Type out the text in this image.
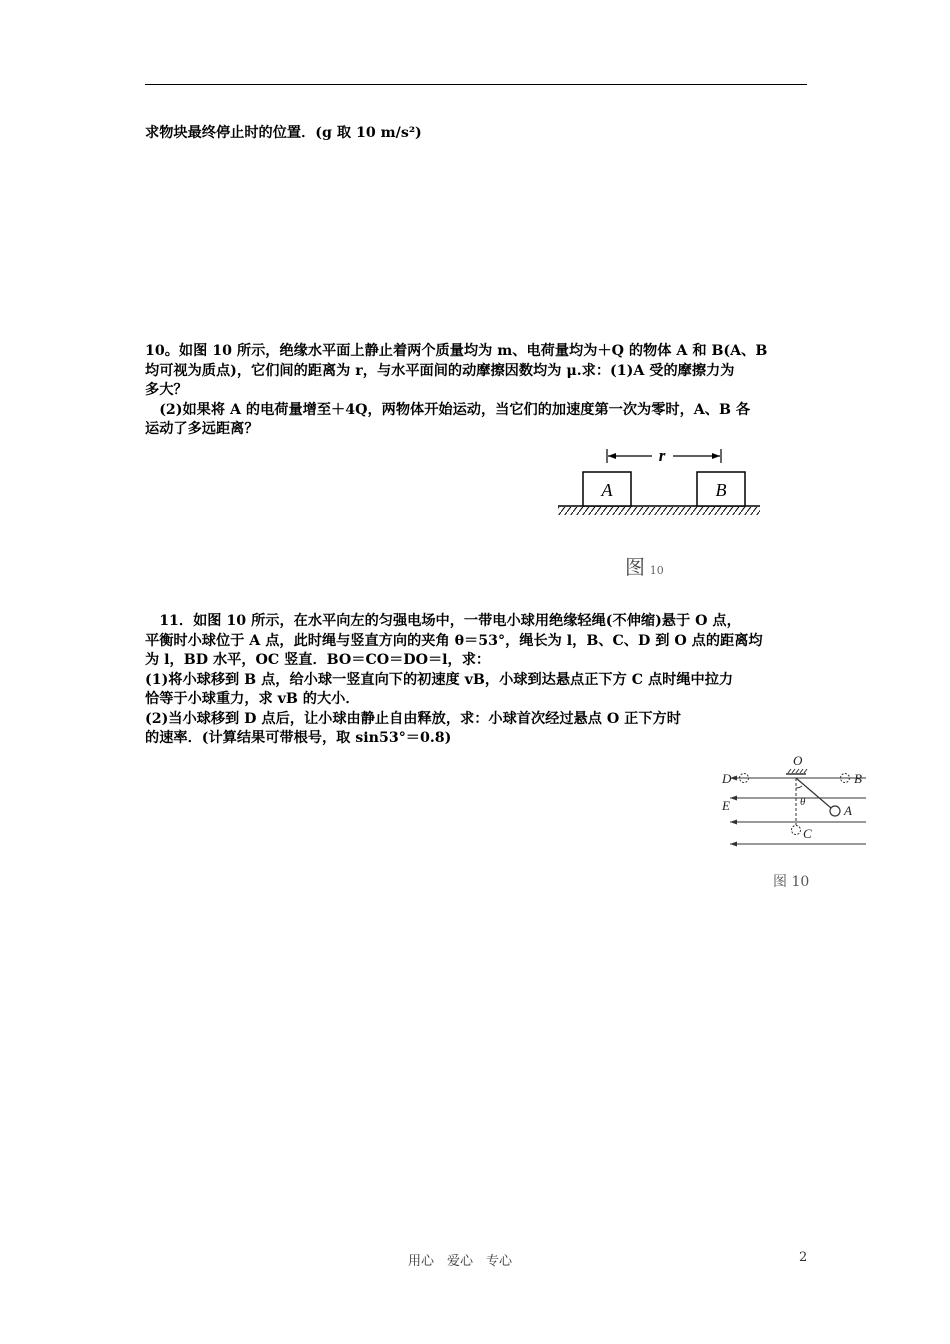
求物块最终停止时的位置．(g 取 10 m/s²)
10。如图 10 所示，绝缘水平面上静止着两个质量均为 m、电荷量均为＋Q 的物体 A 和 B(A、B
均可视为质点)，它们间的距离为 r，与水平面间的动摩擦因数均为 μ.求：(1)A 受的摩擦力为
多大？
　(2)如果将 A 的电荷量增至＋4Q，两物体开始运动，当它们的加速度第一次为零时，A、B 各
运动了多远距离？
A	B
r
图 10
　11．如图 10 所示，在水平向左的匀强电场中，一带电小球用绝缘轻绳(不伸缩)悬于 O 点，
平衡时小球位于 A 点，此时绳与竖直方向的夹角 θ＝53°，绳长为 l，B、C、D 到 O 点的距离均
为 l，BD 水平，OC 竖直．BO＝CO＝DO＝l，求：
(1)将小球移到 B 点，给小球一竖直向下的初速度 vB，小球到达悬点正下方 C 点时绳中拉力
恰等于小球重力，求 vB 的大小．
(2)当小球移到 D 点后，让小球由静止自由释放，求：小球首次经过悬点 O 正下方时
的速率．(计算结果可带根号，取 sin53°＝0.8)
O
D	B
E	A
C
θ
图 10
用心　爱心　专心	2
